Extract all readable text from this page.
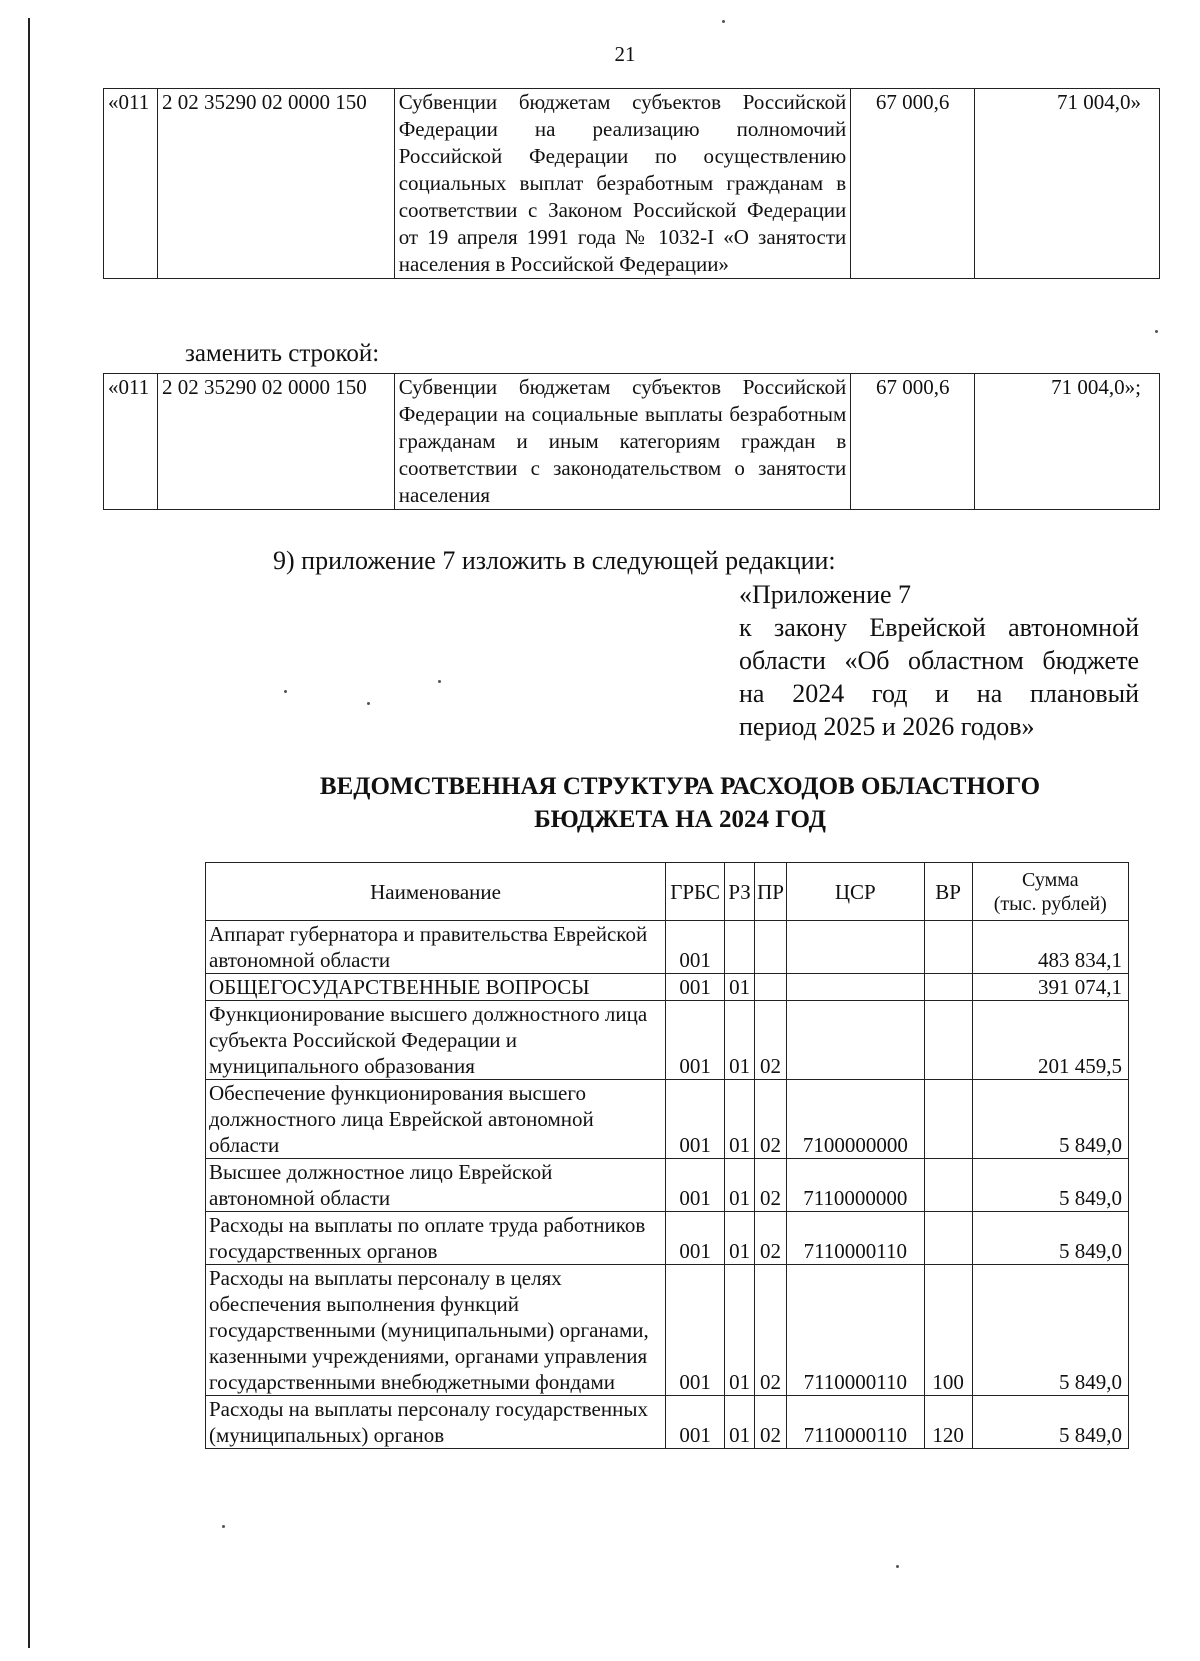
21
«011	2 02 35290 02 0000 150	Субвенции бюджетам субъектов Российской Федерации на реализацию полномочий Российской Федерации по осуществлению социальных выплат безработным гражданам в соответствии с Законом Российской Федерации от 19 апреля 1991 года № 1032-I «О занятости населения в Российской Федерации»	67 000,6	71 004,0»
заменить строкой:
«011	2 02 35290 02 0000 150	Субвенции бюджетам субъектов Российской Федерации на социальные выплаты безработным гражданам и иным категориям граждан в соответствии с законодательством о занятости населения	67 000,6	71 004,0»;
9) приложение 7 изложить в следующей редакции:
«Приложение 7
к закону Еврейской автономной
области «Об областном бюджете
на 2024 год и на плановый
период 2025 и 2026 годов»
ВЕДОМСТВЕННАЯ СТРУКТУРА РАСХОДОВ ОБЛАСТНОГО
БЮДЖЕТА НА 2024 ГОД
Наименование	ГРБС	РЗ	ПР	ЦСР	ВР	Сумма
(тыс. рублей)

Аппарат губернатора и правительства Еврейской автономной области	001					483 834,1
ОБЩЕГОСУДАРСТВЕННЫЕ ВОПРОСЫ	001	01				391 074,1
Функционирование высшего должностного лица субъекта Российской Федерации и муниципального образования	001	01	02			201 459,5
Обеспечение функционирования высшего должностного лица Еврейской автономной области	001	01	02	7100000000		5 849,0
Высшее должностное лицо Еврейской автономной области	001	01	02	7110000000		5 849,0
Расходы на выплаты по оплате труда работников государственных органов	001	01	02	7110000110		5 849,0
Расходы на выплаты персоналу в целях обеспечения выполнения функций государственными (муниципальными) органами, казенными учреждениями, органами управления государственными внебюджетными фондами	001	01	02	7110000110	100	5 849,0
Расходы на выплаты персоналу государственных (муниципальных) органов	001	01	02	7110000110	120	5 849,0
